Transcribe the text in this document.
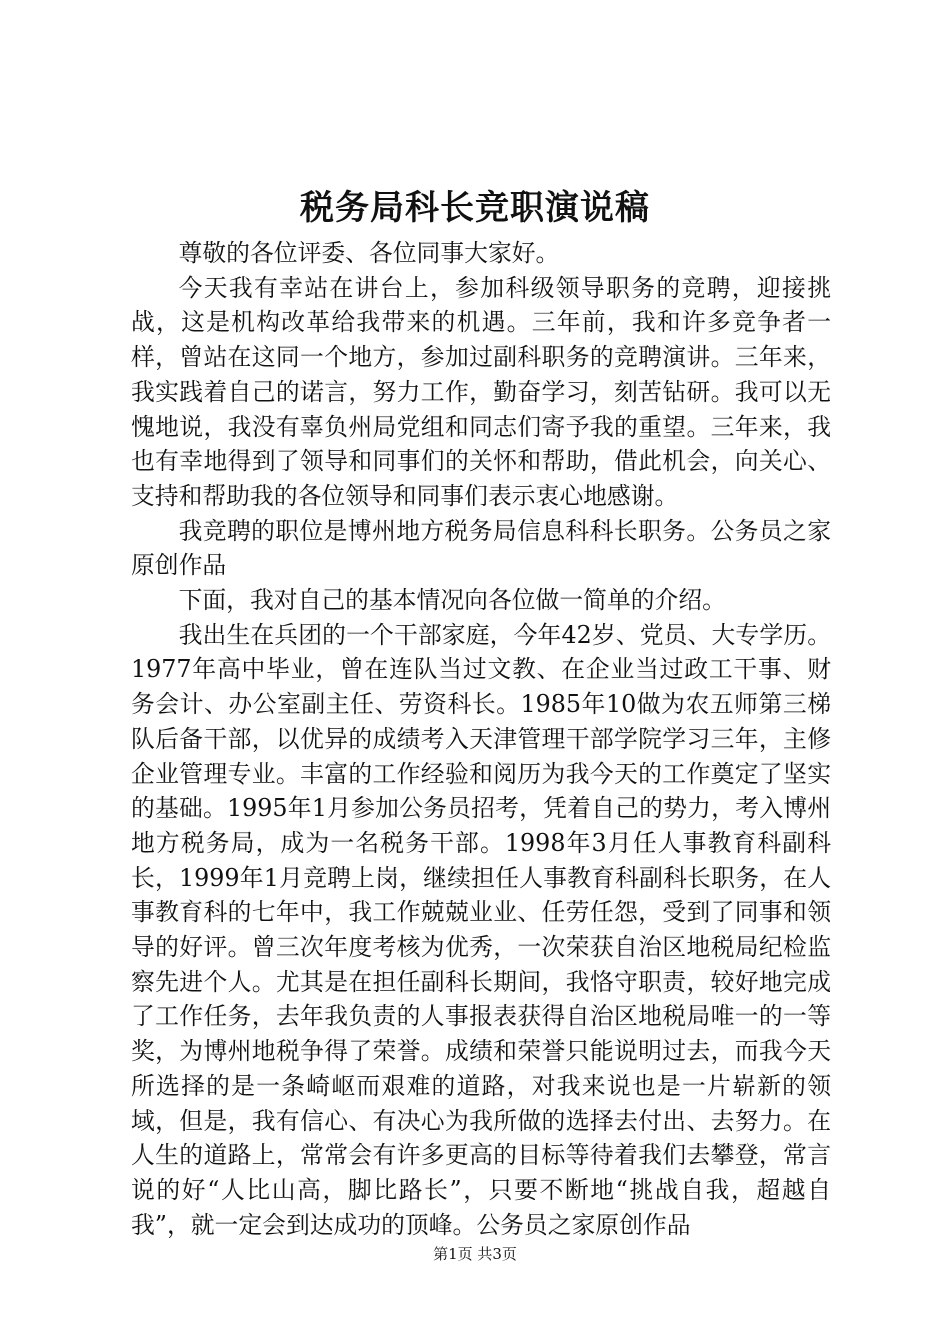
税务局科长竞职演说稿

尊敬的各位评委、各位同事大家好。

今天我有幸站在讲台上，参加科级领导职务的竞聘，迎接挑战，这是机构改革给我带来的机遇。三年前，我和许多竞争者一样，曾站在这同一个地方，参加过副科职务的竞聘演讲。三年来，我实践着自己的诺言，努力工作，勤奋学习，刻苦钻研。我可以无愧地说，我没有辜负州局党组和同志们寄予我的重望。三年来，我也有幸地得到了领导和同事们的关怀和帮助，借此机会，向关心、支持和帮助我的各位领导和同事们表示衷心地感谢。

我竞聘的职位是博州地方税务局信息科科长职务。公务员之家原创作品

下面，我对自己的基本情况向各位做一简单的介绍。

我出生在兵团的一个干部家庭，今年42岁、党员、大专学历。1977年高中毕业，曾在连队当过文教、在企业当过政工干事、财务会计、办公室副主任、劳资科长。1985年10做为农五师第三梯队后备干部，以优异的成绩考入天津管理干部学院学习三年，主修企业管理专业。丰富的工作经验和阅历为我今天的工作奠定了坚实的基础。1995年1月参加公务员招考，凭着自己的势力，考入博州地方税务局，成为一名税务干部。1998年3月任人事教育科副科长，1999年1月竞聘上岗，继续担任人事教育科副科长职务，在人事教育科的七年中，我工作兢兢业业、任劳任怨，受到了同事和领导的好评。曾三次年度考核为优秀，一次荣获自治区地税局纪检监察先进个人。尤其是在担任副科长期间，我恪守职责，较好地完成了工作任务，去年我负责的人事报表获得自治区地税局唯一的一等奖，为博州地税争得了荣誉。成绩和荣誉只能说明过去，而我今天所选择的是一条崎岖而艰难的道路，对我来说也是一片崭新的领域，但是，我有信心、有决心为我所做的选择去付出、去努力。在人生的道路上，常常会有许多更高的目标等待着我们去攀登，常言说的好“人比山高，脚比路长”，只要不断地“挑战自我，超越自我”，就一定会到达成功的顶峰。公务员之家原创作品

第1页 共3页
